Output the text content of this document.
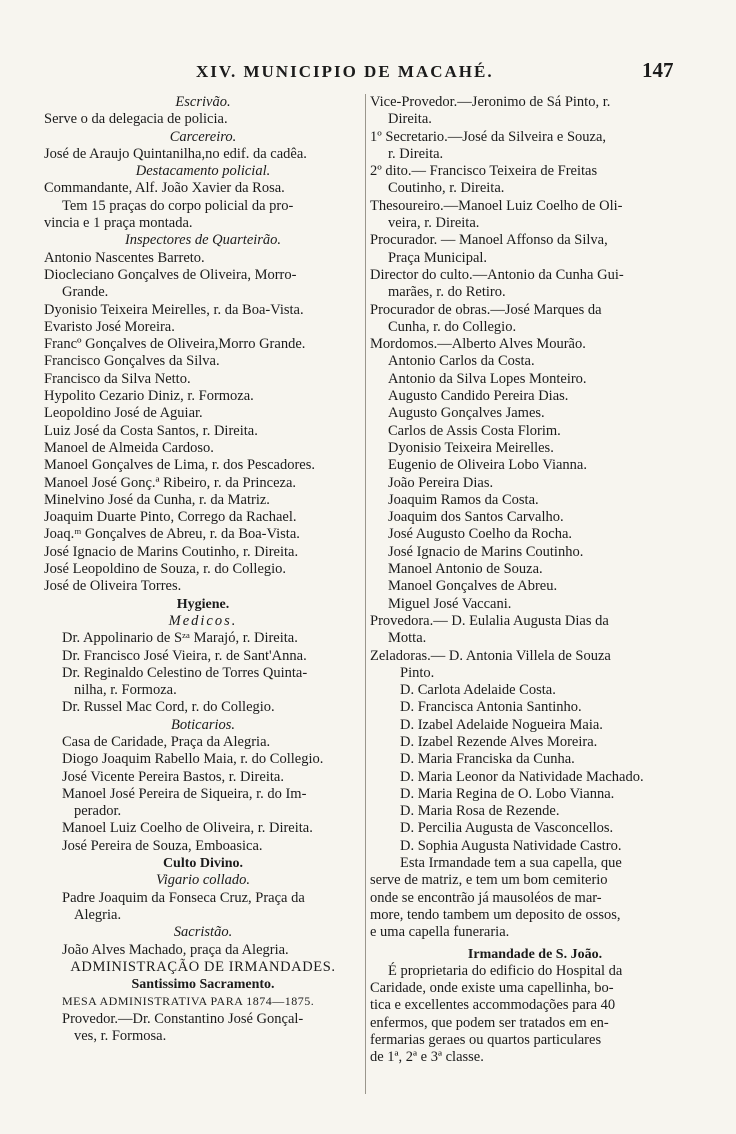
XIV. MUNICIPIO DE MACAHÉ.	147
Escrivão.
Serve o da delegacia de policia.
Carcereiro.
José de Araujo Quintanilha,no edif. da cadêa.
Destacamento policial.
Commandante, Alf. João Xavier da Rosa.
Tem 15 praças do corpo policial da pro-
vincia e 1 praça montada.
Inspectores de Quarteirão.
Antonio Nascentes Barreto.
Diocleciano Gonçalves de Oliveira, Morro-
Grande.
Dyonisio Teixeira Meirelles, r. da Boa-Vista.
Evaristo José Moreira.
Francº Gonçalves de Oliveira,Morro Grande.
Francisco Gonçalves da Silva.
Francisco da Silva Netto.
Hypolito Cezario Diniz, r. Formoza.
Leopoldino José de Aguiar.
Luiz José da Costa Santos, r. Direita.
Manoel de Almeida Cardoso.
Manoel Gonçalves de Lima, r. dos Pescadores.
Manoel José Gonç.ª Ribeiro, r. da Princeza.
Minelvino José da Cunha, r. da Matriz.
Joaquim Duarte Pinto, Corrego da Rachael.
Joaq.ᵐ Gonçalves de Abreu, r. da Boa-Vista.
José Ignacio de Marins Coutinho, r. Direita.
José Leopoldino de Souza, r. do Collegio.
José de Oliveira Torres.
Hygiene.
Medicos.
Dr. Appolinario de Sᶻᵃ Marajó, r. Direita.
Dr. Francisco José Vieira, r. de Sant'Anna.
Dr. Reginaldo Celestino de Torres Quinta-
nilha, r. Formoza.
Dr. Russel Mac Cord, r. do Collegio.
Boticarios.
Casa de Caridade, Praça da Alegria.
Diogo Joaquim Rabello Maia, r. do Collegio.
José Vicente Pereira Bastos, r. Direita.
Manoel José Pereira de Siqueira, r. do Im-
perador.
Manoel Luiz Coelho de Oliveira, r. Direita.
José Pereira de Souza, Emboasica.
Culto Divino.
Vigario collado.
Padre Joaquim da Fonseca Cruz, Praça da
Alegria.
Sacristão.
João Alves Machado, praça da Alegria.
ADMINISTRAÇÃO DE IRMANDADES.
Santissimo Sacramento.
MESA ADMINISTRATIVA PARA 1874—1875.
Provedor.—Dr. Constantino José Gonçal-
ves, r. Formosa.
Vice-Provedor.—Jeronimo de Sá Pinto, r.
Direita.
1º Secretario.—José da Silveira e Souza,
r. Direita.
2º dito.— Francisco Teixeira de Freitas
Coutinho, r. Direita.
Thesoureiro.—Manoel Luiz Coelho de Oli-
veira, r. Direita.
Procurador. — Manoel Affonso da Silva,
Praça Municipal.
Director do culto.—Antonio da Cunha Gui-
marães, r. do Retiro.
Procurador de obras.—José Marques da
Cunha, r. do Collegio.
Mordomos.—Alberto Alves Mourão.
Antonio Carlos da Costa.
Antonio da Silva Lopes Monteiro.
Augusto Candido Pereira Dias.
Augusto Gonçalves James.
Carlos de Assis Costa Florim.
Dyonisio Teixeira Meirelles.
Eugenio de Oliveira Lobo Vianna.
João Pereira Dias.
Joaquim Ramos da Costa.
Joaquim dos Santos Carvalho.
José Augusto Coelho da Rocha.
José Ignacio de Marins Coutinho.
Manoel Antonio de Souza.
Manoel Gonçalves de Abreu.
Miguel José Vaccani.
Provedora.— D. Eulalia Augusta Dias da
Motta.
Zeladoras.— D. Antonia Villela de Souza
Pinto.
D. Carlota Adelaide Costa.
D. Francisca Antonia Santinho.
D. Izabel Adelaide Nogueira Maia.
D. Izabel Rezende Alves Moreira.
D. Maria Franciska da Cunha.
D. Maria Leonor da Natividade Machado.
D. Maria Regina de O. Lobo Vianna.
D. Maria Rosa de Rezende.
D. Percilia Augusta de Vasconcellos.
D. Sophia Augusta Natividade Castro.
Esta Irmandade tem a sua capella, que
serve de matriz, e tem um bom cemiterio
onde se encontrão já mausoléos de mar-
more, tendo tambem um deposito de ossos,
e uma capella funeraria.
Irmandade de S. João.
É proprietaria do edificio do Hospital da
Caridade, onde existe uma capellinha, bo-
tica e excellentes accommodações para 40
enfermos, que podem ser tratados em en-
fermarias geraes ou quartos particulares
de 1ª, 2ª e 3ª classe.
